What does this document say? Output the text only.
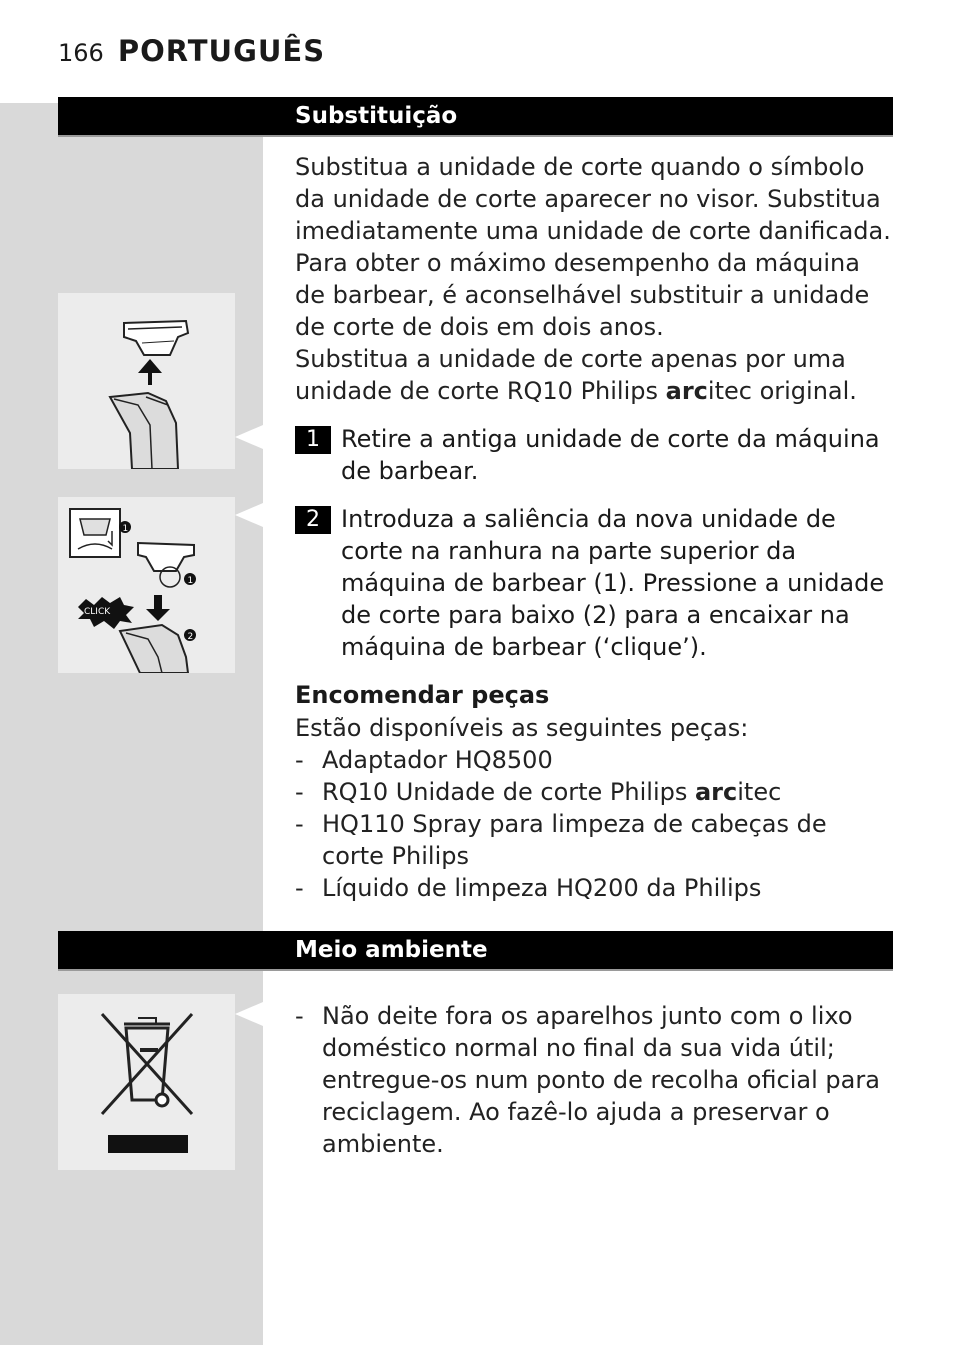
166 PORTUGUÊS
Substituição

Substitua a unidade de corte quando o símbolo da unidade de corte aparecer no visor. Substitua imediatamente uma unidade de corte danificada. Para obter o máximo desempenho da máquina de barbear, é aconselhável substituir a unidade de corte de dois em dois anos.

Substitua a unidade de corte apenas por uma unidade de corte RQ10 Philips arcitec original.

1 Retire a antiga unidade de corte da máquina de barbear.
1
1
CLICK
2
2 Introduza a saliência da nova unidade de corte na ranhura na parte superior da máquina de barbear (1). Pressione a unidade de corte para baixo (2) para a encaixar na máquina de barbear (‘clique’).
Encomendar peças
Estão disponíveis as seguintes peças:
- Adaptador HQ8500
- RQ10 Unidade de corte Philips arcitec
- HQ110 Spray para limpeza de cabeças de corte Philips
- Líquido de limpeza HQ200 da Philips
Meio ambiente
- Não deite fora os aparelhos junto com o lixo doméstico normal no final da sua vida útil; entregue-os num ponto de recolha oficial para reciclagem. Ao fazê-lo ajuda a preservar o ambiente.
